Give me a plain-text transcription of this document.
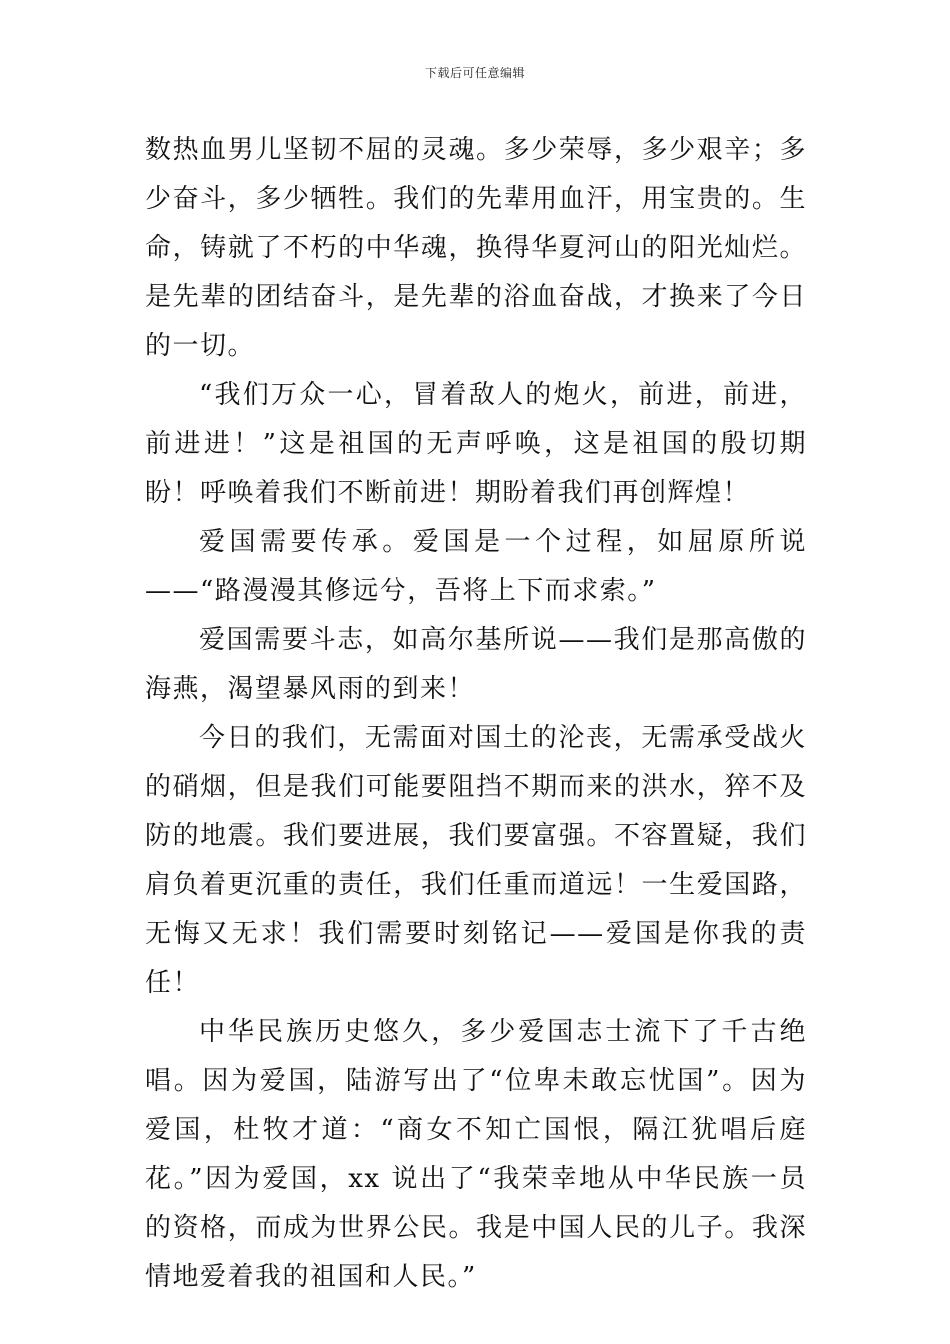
下载后可任意编辑

数热血男儿坚韧不屈的灵魂。多少荣辱，多少艰辛；多少奋斗，多少牺牲。我们的先辈用血汗，用宝贵的。生命，铸就了不朽的中华魂，换得华夏河山的阳光灿烂。是先辈的团结奋斗，是先辈的浴血奋战，才换来了今日的一切。

“我们万众一心，冒着敌人的炮火，前进，前进，前进进！”这是祖国的无声呼唤，这是祖国的殷切期盼！呼唤着我们不断前进！期盼着我们再创辉煌！

爱国需要传承。爱国是一个过程，如屈原所说——“路漫漫其修远兮，吾将上下而求索。”

爱国需要斗志，如高尔基所说——我们是那高傲的海燕，渴望暴风雨的到来！

今日的我们，无需面对国土的沦丧，无需承受战火的硝烟，但是我们可能要阻挡不期而来的洪水，猝不及防的地震。我们要进展，我们要富强。不容置疑，我们肩负着更沉重的责任，我们任重而道远！一生爱国路，无悔又无求！我们需要时刻铭记——爱国是你我的责任！

中华民族历史悠久，多少爱国志士流下了千古绝唱。因为爱国，陆游写出了“位卑未敢忘忧国”。因为爱国，杜牧才道：“商女不知亡国恨，隔江犹唱后庭花。”因为爱国，xx 说出了“我荣幸地从中华民族一员的资格，而成为世界公民。我是中国人民的儿子。我深情地爱着我的祖国和人民。”
